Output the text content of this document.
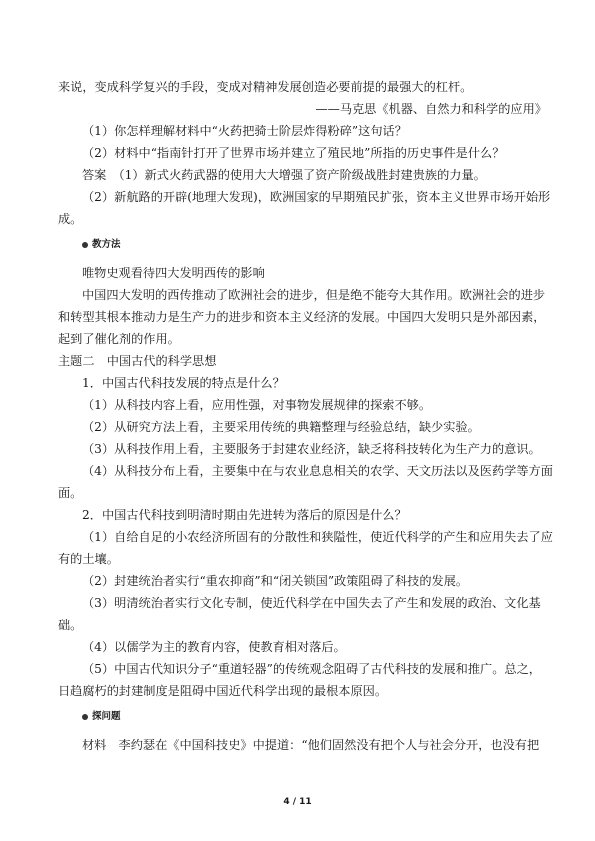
来说，变成科学复兴的手段，变成对精神发展创造必要前提的最强大的杠杆。
——马克思《机器、自然力和科学的应用》
（1）你怎样理解材料中“火药把骑士阶层炸得粉碎”这句话？
（2）材料中“指南针打开了世界市场并建立了殖民地”所指的历史事件是什么？
答案　（1）新式火药武器的使用大大增强了资产阶级战胜封建贵族的力量。
（2）新航路的开辟(地理大发现)，欧洲国家的早期殖民扩张，资本主义世界市场开始形
成。
教方法
唯物史观看待四大发明西传的影响
中国四大发明的西传推动了欧洲社会的进步，但是绝不能夸大其作用。欧洲社会的进步
和转型其根本推动力是生产力的进步和资本主义经济的发展。中国四大发明只是外部因素，
起到了催化剂的作用。
主题二　中国古代的科学思想
1．中国古代科技发展的特点是什么？
（1）从科技内容上看，应用性强，对事物发展规律的探索不够。
（2）从研究方法上看，主要采用传统的典籍整理与经验总结，缺少实验。
（3）从科技作用上看，主要服务于封建农业经济，缺乏将科技转化为生产力的意识。
（4）从科技分布上看，主要集中在与农业息息相关的农学、天文历法以及医药学等方面
面。
2．中国古代科技到明清时期由先进转为落后的原因是什么？
（1）自给自足的小农经济所固有的分散性和狭隘性，使近代科学的产生和应用失去了应
有的土壤。
（2）封建统治者实行“重农抑商”和“闭关锁国”政策阻碍了科技的发展。
（3）明清统治者实行文化专制，使近代科学在中国失去了产生和发展的政治、文化基
础。
（4）以儒学为主的教育内容，使教育相对落后。
（5）中国古代知识分子“重道轻器”的传统观念阻碍了古代科技的发展和推广。总之，
日趋腐朽的封建制度是阻碍中国近代科学出现的最根本原因。
探问题
材料　李约瑟在《中国科技史》中提道：“他们固然没有把个人与社会分开，也没有把
4 / 11
